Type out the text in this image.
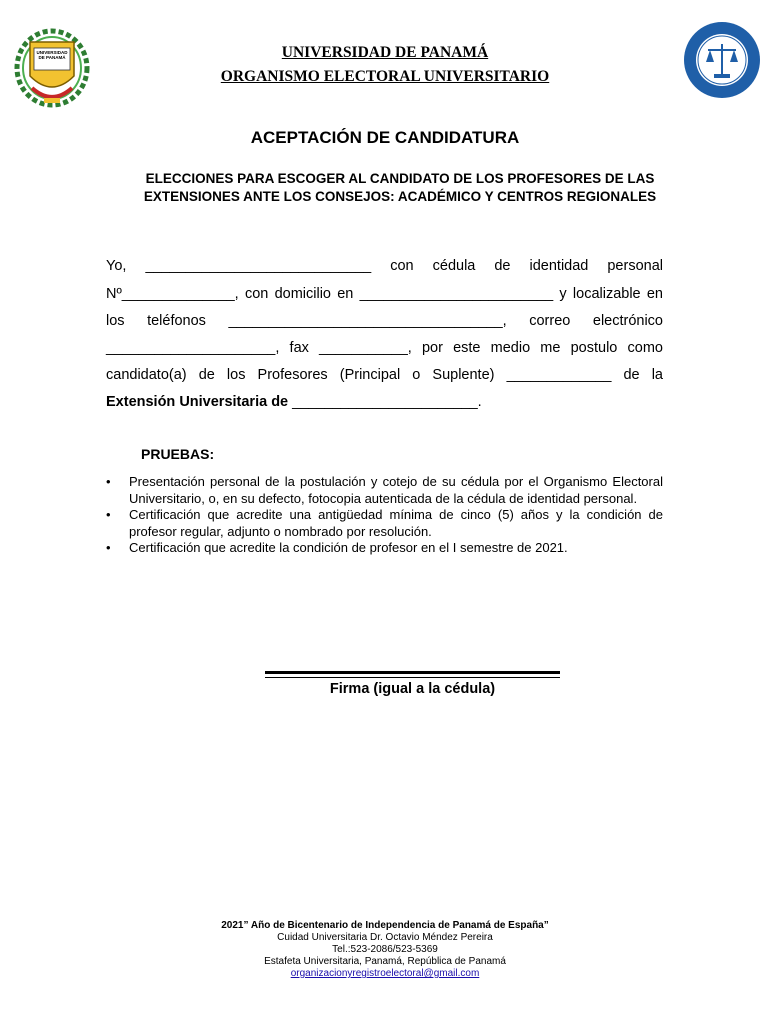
UNIVERSIDAD DE PANAMÁ	UNIVERSIDAD DE PANAMÁ
ORGANISMO ELECTORAL UNIVERSITARIO
ACEPTACIÓN DE CANDIDATURA
ELECCIONES PARA ESCOGER AL CANDIDATO DE LOS PROFESORES DE LAS EXTENSIONES ANTE LOS CONSEJOS: ACADÉMICO Y CENTROS REGIONALES
Yo, ____________________________ con cédula de identidad personal
Nº______________, con domicilio en ________________________ y localizable en
los teléfonos __________________________________, correo electrónico
_____________________, fax ___________, por este medio me postulo como
candidato(a) de los Profesores (Principal o Suplente) _____________ de la
Extensión Universitaria de _______________________.
PRUEBAS:
• Presentación personal de la postulación y cotejo de su cédula por el Organismo Electoral Universitario, o, en su defecto, fotocopia autenticada de la cédula de identidad personal.
• Certificación que acredite una antigüedad mínima de cinco (5) años y la condición de profesor regular, adjunto o nombrado por resolución.
• Certificación que acredite la condición de profesor en el I semestre de 2021.
Firma (igual a la cédula)
2021” Año de Bicentenario de Independencia de Panamá de España”
Cuidad Universitaria Dr. Octavio Méndez Pereira
Tel.:523-2086/523-5369
Estafeta Universitaria, Panamá, República de Panamá
organizacionyregistroelectoral@gmail.com
